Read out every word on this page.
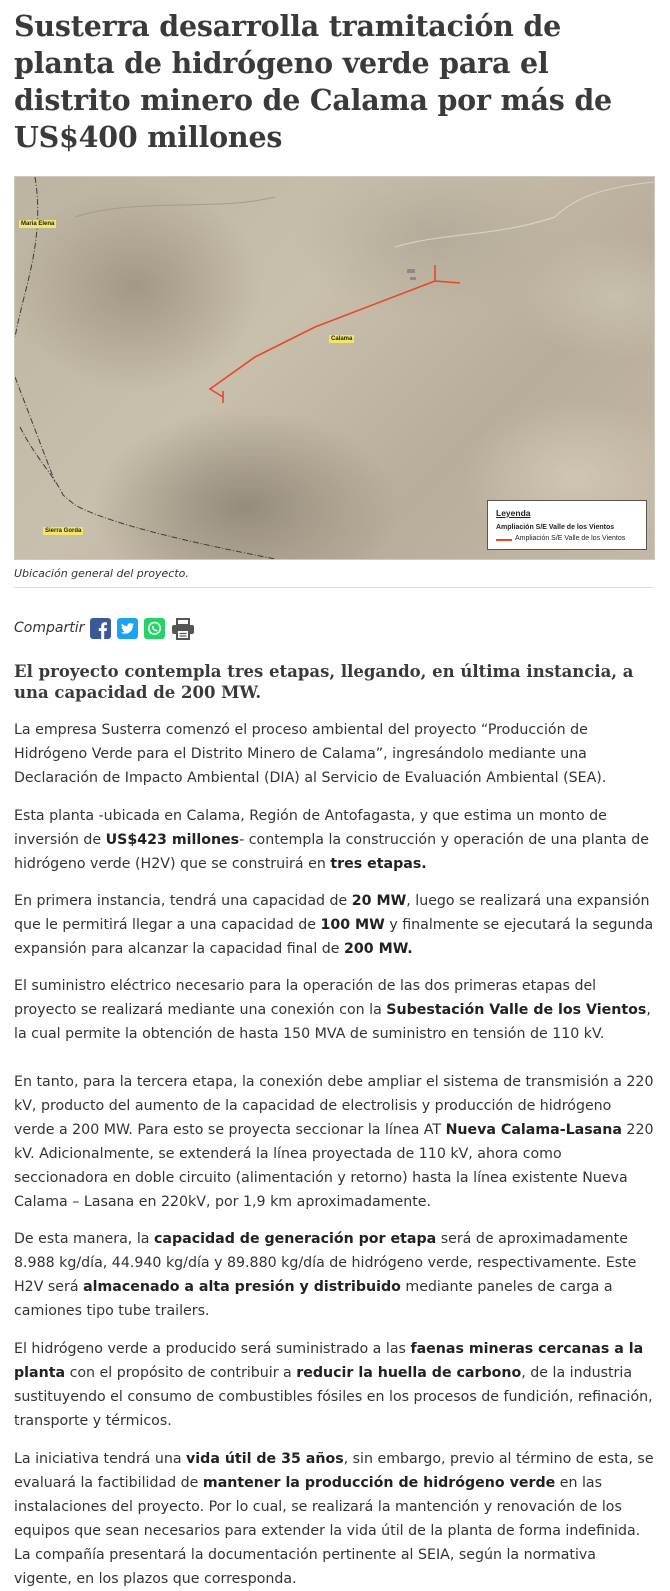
Susterra desarrolla tramitación de planta de hidrógeno verde para el distrito minero de Calama por más de US$400 millones
Maria Elena
Calama
Sierra Gorda
Leyenda
Ampliación S/E Valle de los Vientos
Ampliación S/E Valle de los Vientos
Ubicación general del proyecto.
Compartir
El proyecto contempla tres etapas, llegando, en última instancia, a una capacidad de 200 MW.

La empresa Susterra comenzó el proceso ambiental del proyecto “Producción de Hidrógeno Verde para el Distrito Minero de Calama”, ingresándolo mediante una Declaración de Impacto Ambiental (DIA) al Servicio de Evaluación Ambiental (SEA).

Esta planta -ubicada en Calama, Región de Antofagasta, y que estima un monto de inversión de US$423 millones- contempla la construcción y operación de una planta de hidrógeno verde (H2V) que se construirá en tres etapas.

En primera instancia, tendrá una capacidad de 20 MW, luego se realizará una expansión que le permitirá llegar a una capacidad de 100 MW y finalmente se ejecutará la segunda expansión para alcanzar la capacidad final de 200 MW.

El suministro eléctrico necesario para la operación de las dos primeras etapas del proyecto se realizará mediante una conexión con la Subestación Valle de los Vientos, la cual permite la obtención de hasta 150 MVA de suministro en tensión de 110 kV.

En tanto, para la tercera etapa, la conexión debe ampliar el sistema de transmisión a 220 kV, producto del aumento de la capacidad de electrolisis y producción de hidrógeno verde a 200 MW. Para esto se proyecta seccionar la línea AT Nueva Calama-Lasana 220 kV. Adicionalmente, se extenderá la línea proyectada de 110 kV, ahora como seccionadora en doble circuito (alimentación y retorno) hasta la línea existente Nueva Calama – Lasana en 220kV, por 1,9 km aproximadamente.

De esta manera, la capacidad de generación por etapa será de aproximadamente 8.988 kg/día, 44.940 kg/día y 89.880 kg/día de hidrógeno verde, respectivamente. Este H2V será almacenado a alta presión y distribuido mediante paneles de carga a camiones tipo tube trailers.

El hidrógeno verde a producido será suministrado a las faenas mineras cercanas a la planta con el propósito de contribuir a reducir la huella de carbono, de la industria sustituyendo el consumo de combustibles fósiles en los procesos de fundición, refinación, transporte y térmicos.

La iniciativa tendrá una vida útil de 35 años, sin embargo, previo al término de esta, se evaluará la factibilidad de mantener la producción de hidrógeno verde en las instalaciones del proyecto. Por lo cual, se realizará la mantención y renovación de los equipos que sean necesarios para extender la vida útil de la planta de forma indefinida. La compañía presentará la documentación pertinente al SEIA, según la normativa vigente, en los plazos que corresponda.
